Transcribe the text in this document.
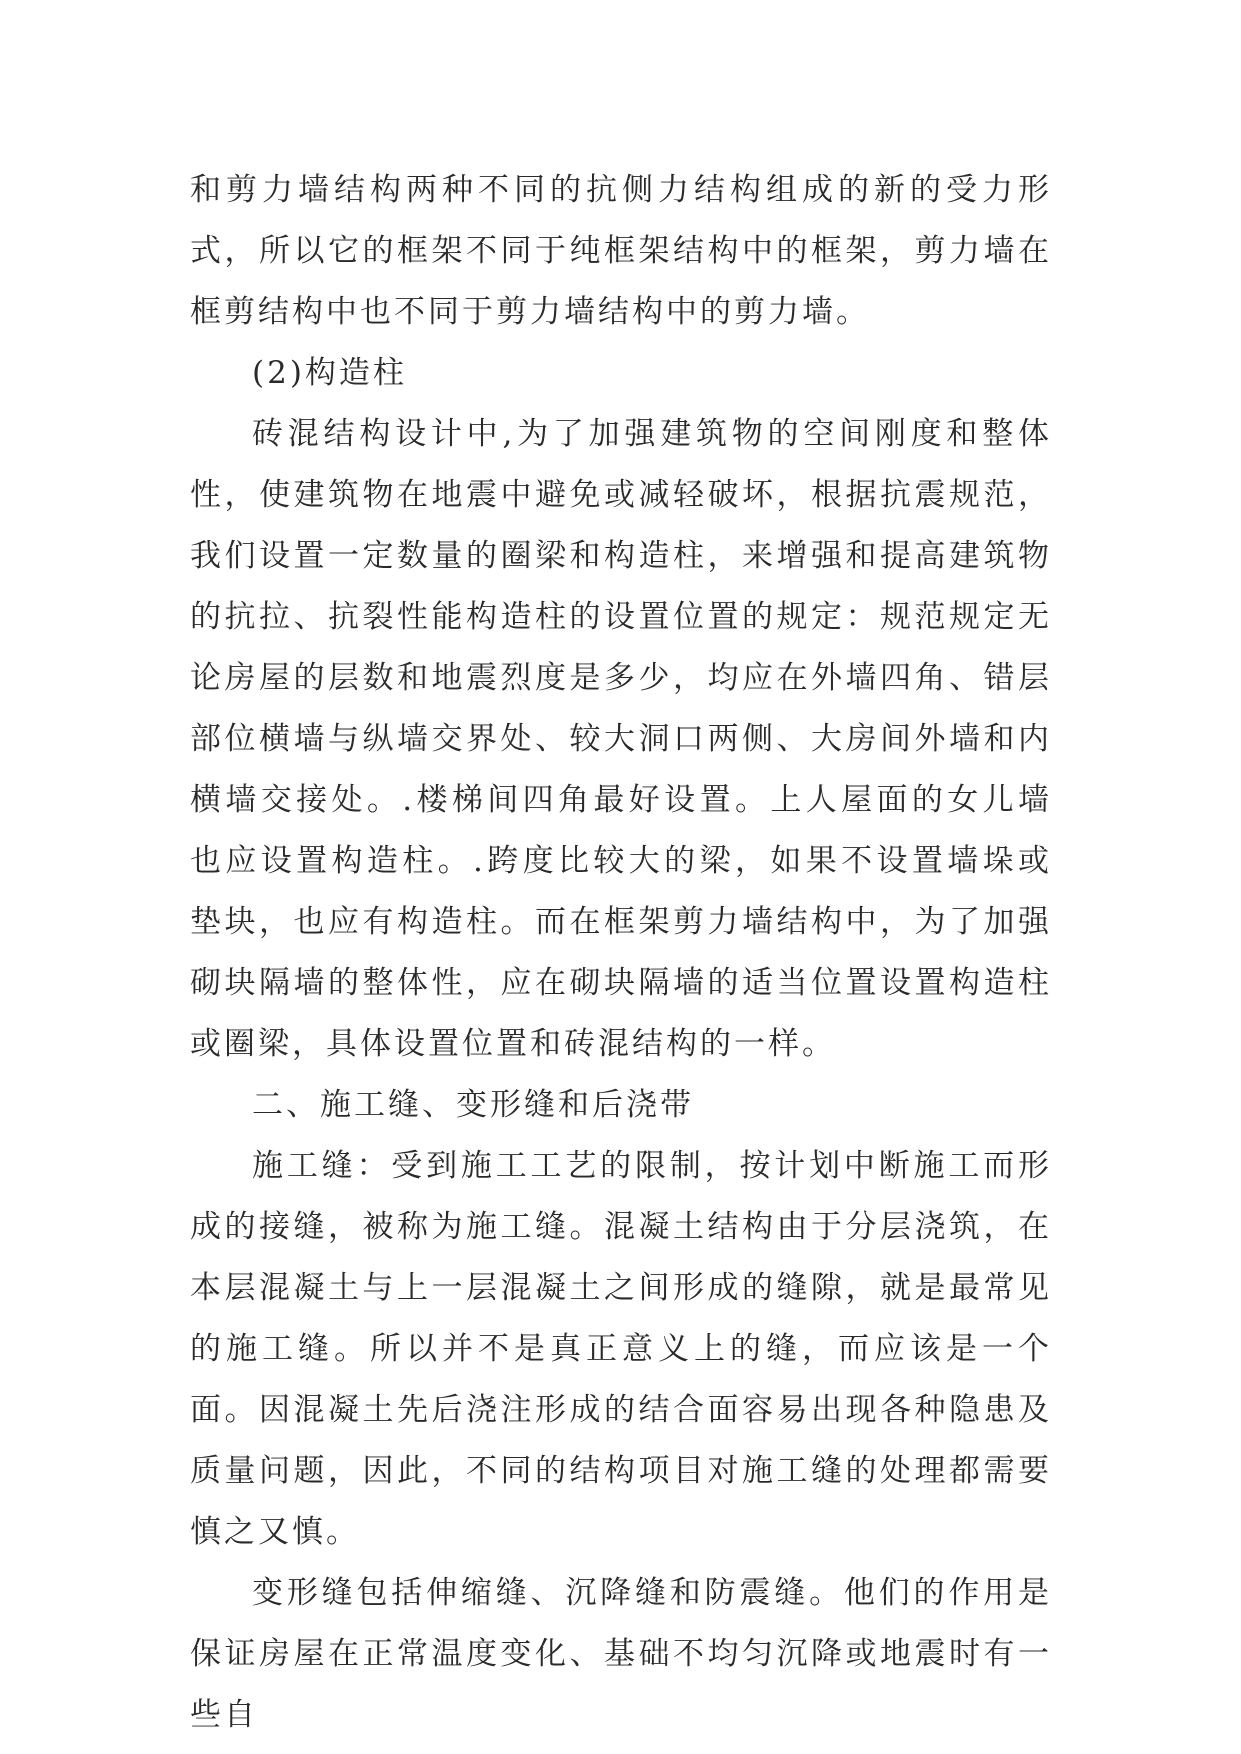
和剪力墙结构两种不同的抗侧力结构组成的新的受力形式，所以它的框架不同于纯框架结构中的框架，剪力墙在框剪结构中也不同于剪力墙结构中的剪力墙。

(2)构造柱

砖混结构设计中,为了加强建筑物的空间刚度和整体性，使建筑物在地震中避免或减轻破坏，根据抗震规范，我们设置一定数量的圈梁和构造柱，来增强和提高建筑物的抗拉、抗裂性能构造柱的设置位置的规定：规范规定无论房屋的层数和地震烈度是多少，均应在外墙四角、错层部位横墙与纵墙交界处、较大洞口两侧、大房间外墙和内横墙交接处。.楼梯间四角最好设置。上人屋面的女儿墙也应设置构造柱。.跨度比较大的梁，如果不设置墙垛或垫块，也应有构造柱。而在框架剪力墙结构中，为了加强砌块隔墙的整体性，应在砌块隔墙的适当位置设置构造柱或圈梁，具体设置位置和砖混结构的一样。

二、施工缝、变形缝和后浇带

施工缝：受到施工工艺的限制，按计划中断施工而形成的接缝，被称为施工缝。混凝土结构由于分层浇筑，在本层混凝土与上一层混凝土之间形成的缝隙，就是最常见的施工缝。所以并不是真正意义上的缝，而应该是一个面。因混凝土先后浇注形成的结合面容易出现各种隐患及质量问题，因此，不同的结构项目对施工缝的处理都需要慎之又慎。

变形缝包括伸缩缝、沉降缝和防震缝。他们的作用是保证房屋在正常温度变化、基础不均匀沉降或地震时有一些自
